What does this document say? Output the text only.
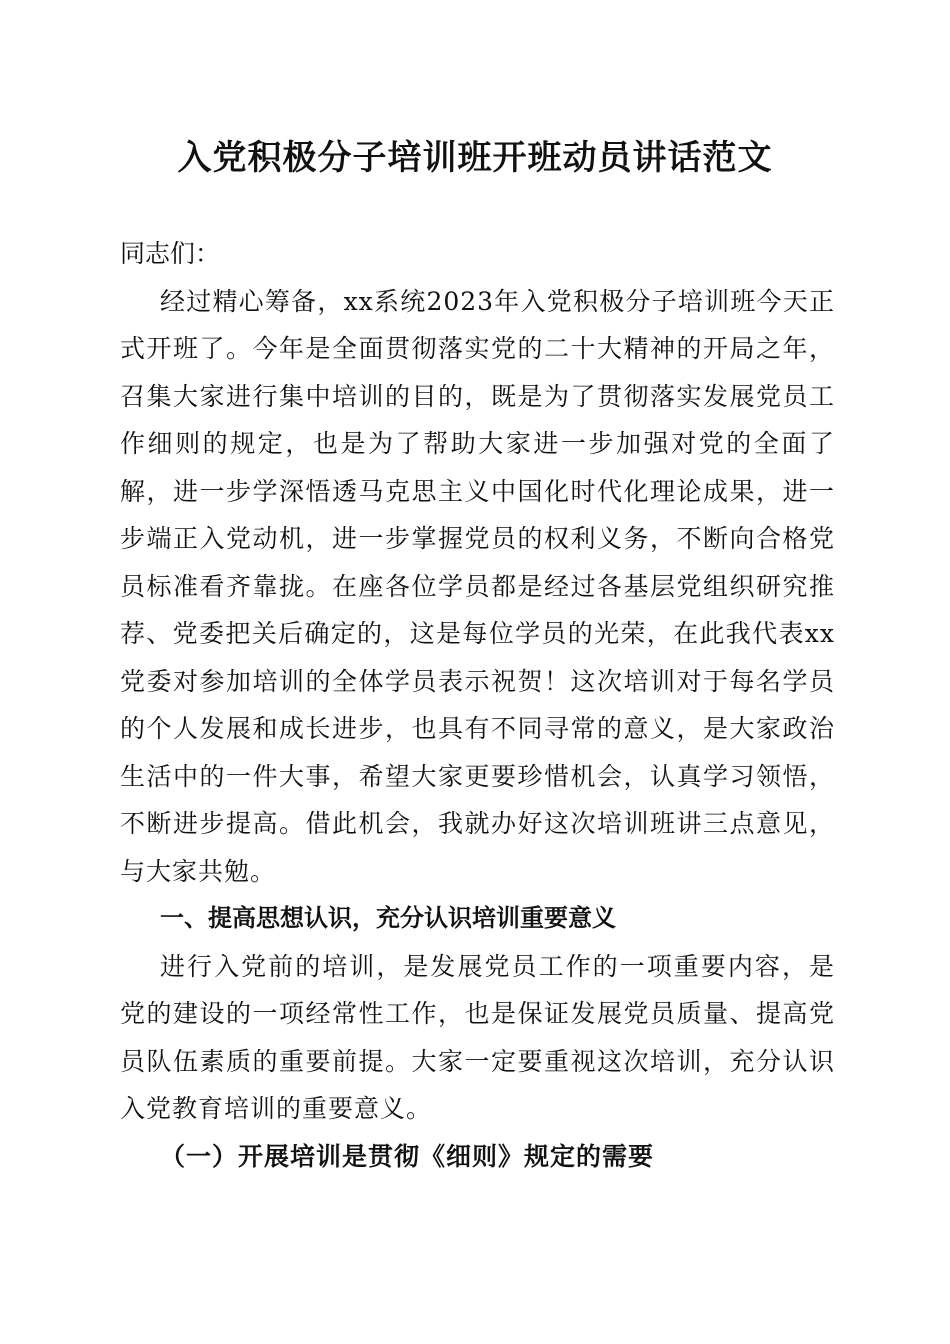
入党积极分子培训班开班动员讲话范文

同志们：

经过精心筹备，xx系统2023年入党积极分子培训班今天正式开班了。今年是全面贯彻落实党的二十大精神的开局之年，召集大家进行集中培训的目的，既是为了贯彻落实发展党员工作细则的规定，也是为了帮助大家进一步加强对党的全面了解，进一步学深悟透马克思主义中国化时代化理论成果，进一步端正入党动机，进一步掌握党员的权利义务，不断向合格党员标准看齐靠拢。在座各位学员都是经过各基层党组织研究推荐、党委把关后确定的，这是每位学员的光荣，在此我代表xx党委对参加培训的全体学员表示祝贺！这次培训对于每名学员的个人发展和成长进步，也具有不同寻常的意义，是大家政治生活中的一件大事，希望大家更要珍惜机会，认真学习领悟，不断进步提高。借此机会，我就办好这次培训班讲三点意见，与大家共勉。

一、提高思想认识，充分认识培训重要意义

进行入党前的培训，是发展党员工作的一项重要内容，是党的建设的一项经常性工作，也是保证发展党员质量、提高党员队伍素质的重要前提。大家一定要重视这次培训，充分认识入党教育培训的重要意义。

（一）开展培训是贯彻《细则》规定的需要
